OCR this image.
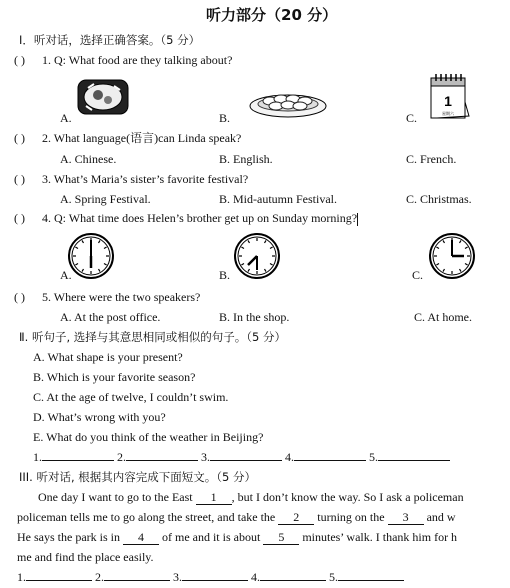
听力部分（20 分）
Ⅰ．听对话，选择正确答案。（5 分）
( ) 1. Q: What food are they talking about?
A.	B.	C.
1
星期六
( ) 2. What language(语言)can Linda speak?
A. Chinese.	B. English.	C. French.
( ) 3. What’s Maria’s sister’s favorite festival?
A. Spring Festival.	B. Mid-autumn Festival.	C. Christmas.
( ) 4. Q: What time does Helen’s brother get up on Sunday morning?
A.	B.	C.
( ) 5. Where were the two speakers?
A. At the post office.	B. In the shop.	C. At home.
Ⅱ. 听句子, 选择与其意思相同或相似的句子。（5 分）
A. What shape is your present?
B. Which is your favorite season?
C. At the age of twelve, I couldn’t swim.
D. What’s wrong with you?
E. What do you think of the weather in Beijing?
1.	2.	3.	4.	5.
III. 听对话, 根据其内容完成下面短文。（5 分）
One day I want to go to the East 1 , but I don’t know the way. So I ask a policeman
policeman tells me to go along the street, and take the 2 turning on the 3 and w
He says the park is in 4 of me and it is about 5 minutes’ walk. I thank him for h
me and find the place easily.
1.	2.	3.	4.	5.
